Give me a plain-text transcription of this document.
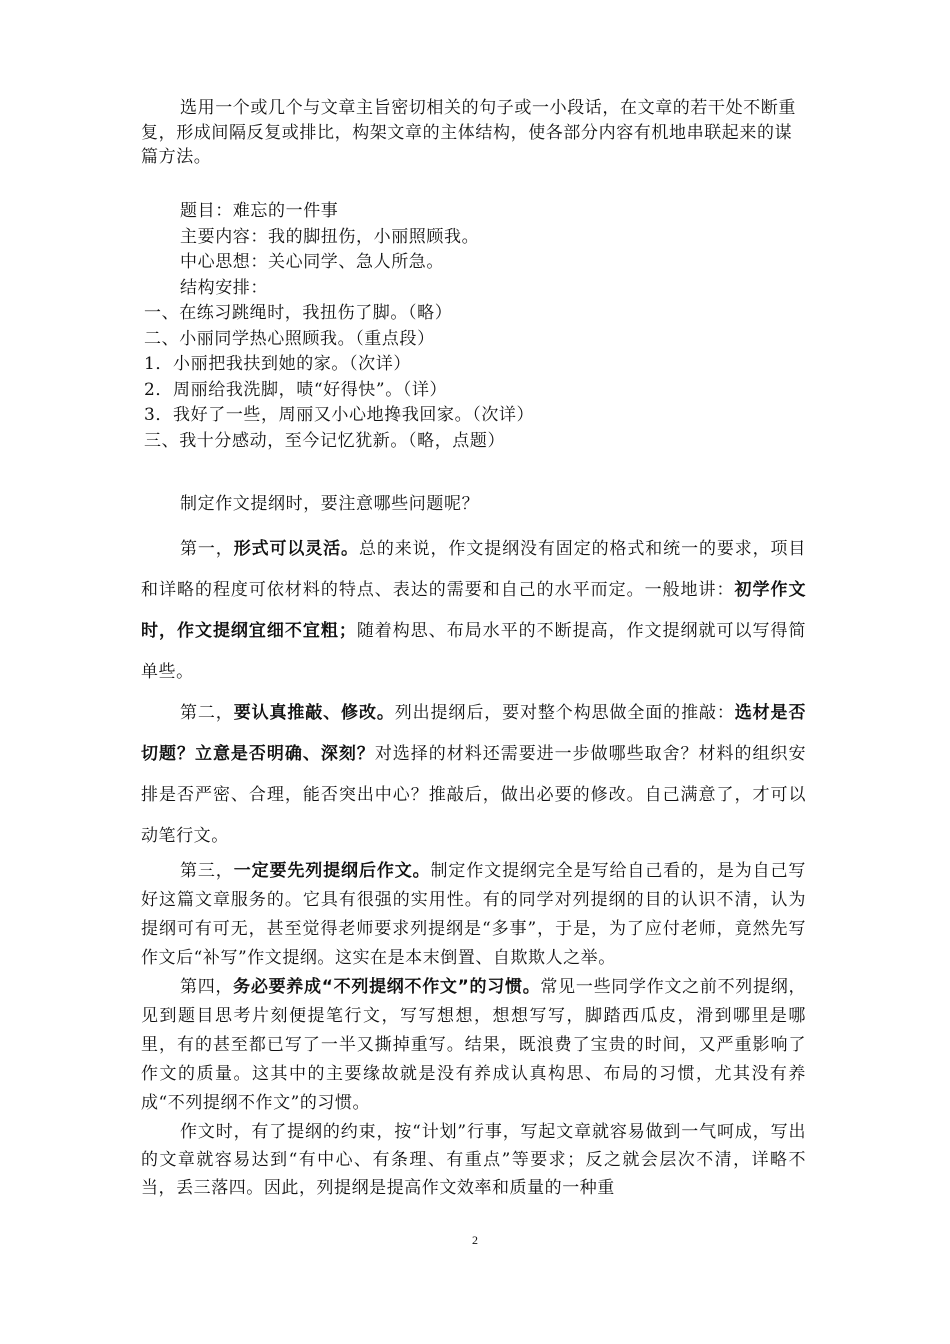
选用一个或几个与文章主旨密切相关的句子或一小段话，在文章的若干处不断重复，形成间隔反复或排比，构架文章的主体结构，使各部分内容有机地串联起来的谋篇方法。

题目：难忘的一件事
主要内容：我的脚扭伤，小丽照顾我。
中心思想：关心同学、急人所急。
结构安排：
一、在练习跳绳时，我扭伤了脚。（略）
二、小丽同学热心照顾我。（重点段）
1．小丽把我扶到她的家。（次详）
2．周丽给我洗脚，啧“好得快”。（详）
3．我好了一些，周丽又小心地搀我回家。（次详）
三、我十分感动，至今记忆犹新。（略，点题）

制定作文提纲时，要注意哪些问题呢？

第一，形式可以灵活。总的来说，作文提纲没有固定的格式和统一的要求，项目和详略的程度可依材料的特点、表达的需要和自己的水平而定。一般地讲：初学作文时，作文提纲宜细不宜粗；随着构思、布局水平的不断提高，作文提纲就可以写得简单些。

第二，要认真推敲、修改。列出提纲后，要对整个构思做全面的推敲：选材是否切题？立意是否明确、深刻？对选择的材料还需要进一步做哪些取舍？材料的组织安排是否严密、合理，能否突出中心？推敲后，做出必要的修改。自己满意了，才可以动笔行文。

第三，一定要先列提纲后作文。制定作文提纲完全是写给自己看的，是为自己写好这篇文章服务的。它具有很强的实用性。有的同学对列提纲的目的认识不清，认为提纲可有可无，甚至觉得老师要求列提纲是“多事”，于是，为了应付老师，竟然先写作文后“补写”作文提纲。这实在是本末倒置、自欺欺人之举。

第四，务必要养成“不列提纲不作文”的习惯。常见一些同学作文之前不列提纲，见到题目思考片刻便提笔行文，写写想想，想想写写，脚踏西瓜皮，滑到哪里是哪里，有的甚至都已写了一半又撕掉重写。结果，既浪费了宝贵的时间，又严重影响了作文的质量。这其中的主要缘故就是没有养成认真构思、布局的习惯，尤其没有养成“不列提纲不作文”的习惯。

作文时，有了提纲的约束，按“计划”行事，写起文章就容易做到一气呵成，写出的文章就容易达到“有中心、有条理、有重点”等要求；反之就会层次不清，详略不当，丢三落四。因此，列提纲是提高作文效率和质量的一种重

2
